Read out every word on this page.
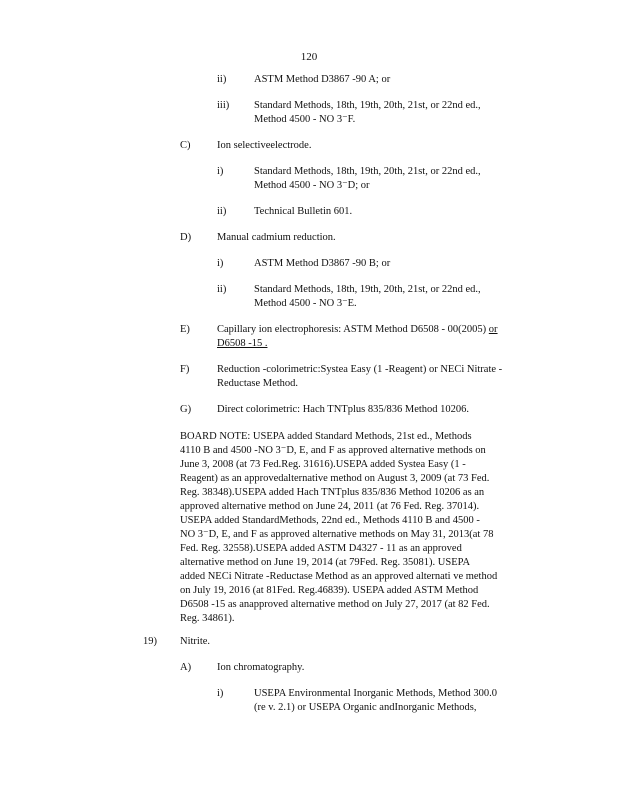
120
ii)	ASTM Method D3867 -90 A; or
iii) Standard Methods, 18th, 19th, 20th, 21st, or 22nd ed.,
Method 4500 - NO 3⁻F.
C)	Ion selectiveelectrode.
i)	Standard Methods, 18th, 19th, 20th, 21st, or 22nd ed.,
Method 4500 - NO 3⁻D; or
ii)	Technical Bulletin 601.
D) Manual cadmium reduction.
i)	ASTM Method D3867 -90 B; or
ii)	Standard Methods, 18th, 19th, 20th, 21st, or 22nd ed.,
Method 4500 - NO 3⁻E.
E)	Capillary ion electrophoresis: ASTM Method D6508 - 00(2005) or
D6508 -15 .
F)	Reduction -colorimetric:Systea Easy (1 -Reagent) or NECi Nitrate -
Reductase Method.
G) Direct colorimetric: Hach TNTplus 835/836 Method 10206.
BOARD NOTE: USEPA added Standard Methods, 21st ed., Methods
4110 B and 4500 -NO 3⁻D, E, and F as approved alternative methods on
June 3, 2008 (at 73 Fed.Reg. 31616).USEPA added Systea Easy (1 -
Reagent) as an approvedalternative method on August 3, 2009 (at 73 Fed.
Reg. 38348).USEPA added Hach TNTplus 835/836 Method 10206 as an
approved alternative method on June 24, 2011 (at 76 Fed. Reg. 37014).
USEPA added StandardMethods, 22nd ed., Methods 4110 B and 4500 -
NO 3⁻D, E, and F as approved alternative methods on May 31, 2013(at 78
Fed. Reg. 32558).USEPA added ASTM D4327 - 11 as an approved
alternative method on June 19, 2014 (at 79Fed. Reg. 35081). USEPA
added NECi Nitrate -Reductase Method as an approved alternati ve method
on July 19, 2016 (at 81Fed. Reg.46839). USEPA added ASTM Method
D6508 -15 as anapproved alternative method on July 27, 2017 (at 82 Fed.
Reg. 34861).
19) Nitrite.
A) Ion chromatography.
i)	USEPA Environmental Inorganic Methods, Method 300.0
(re v. 2.1) or USEPA Organic andInorganic Methods,
